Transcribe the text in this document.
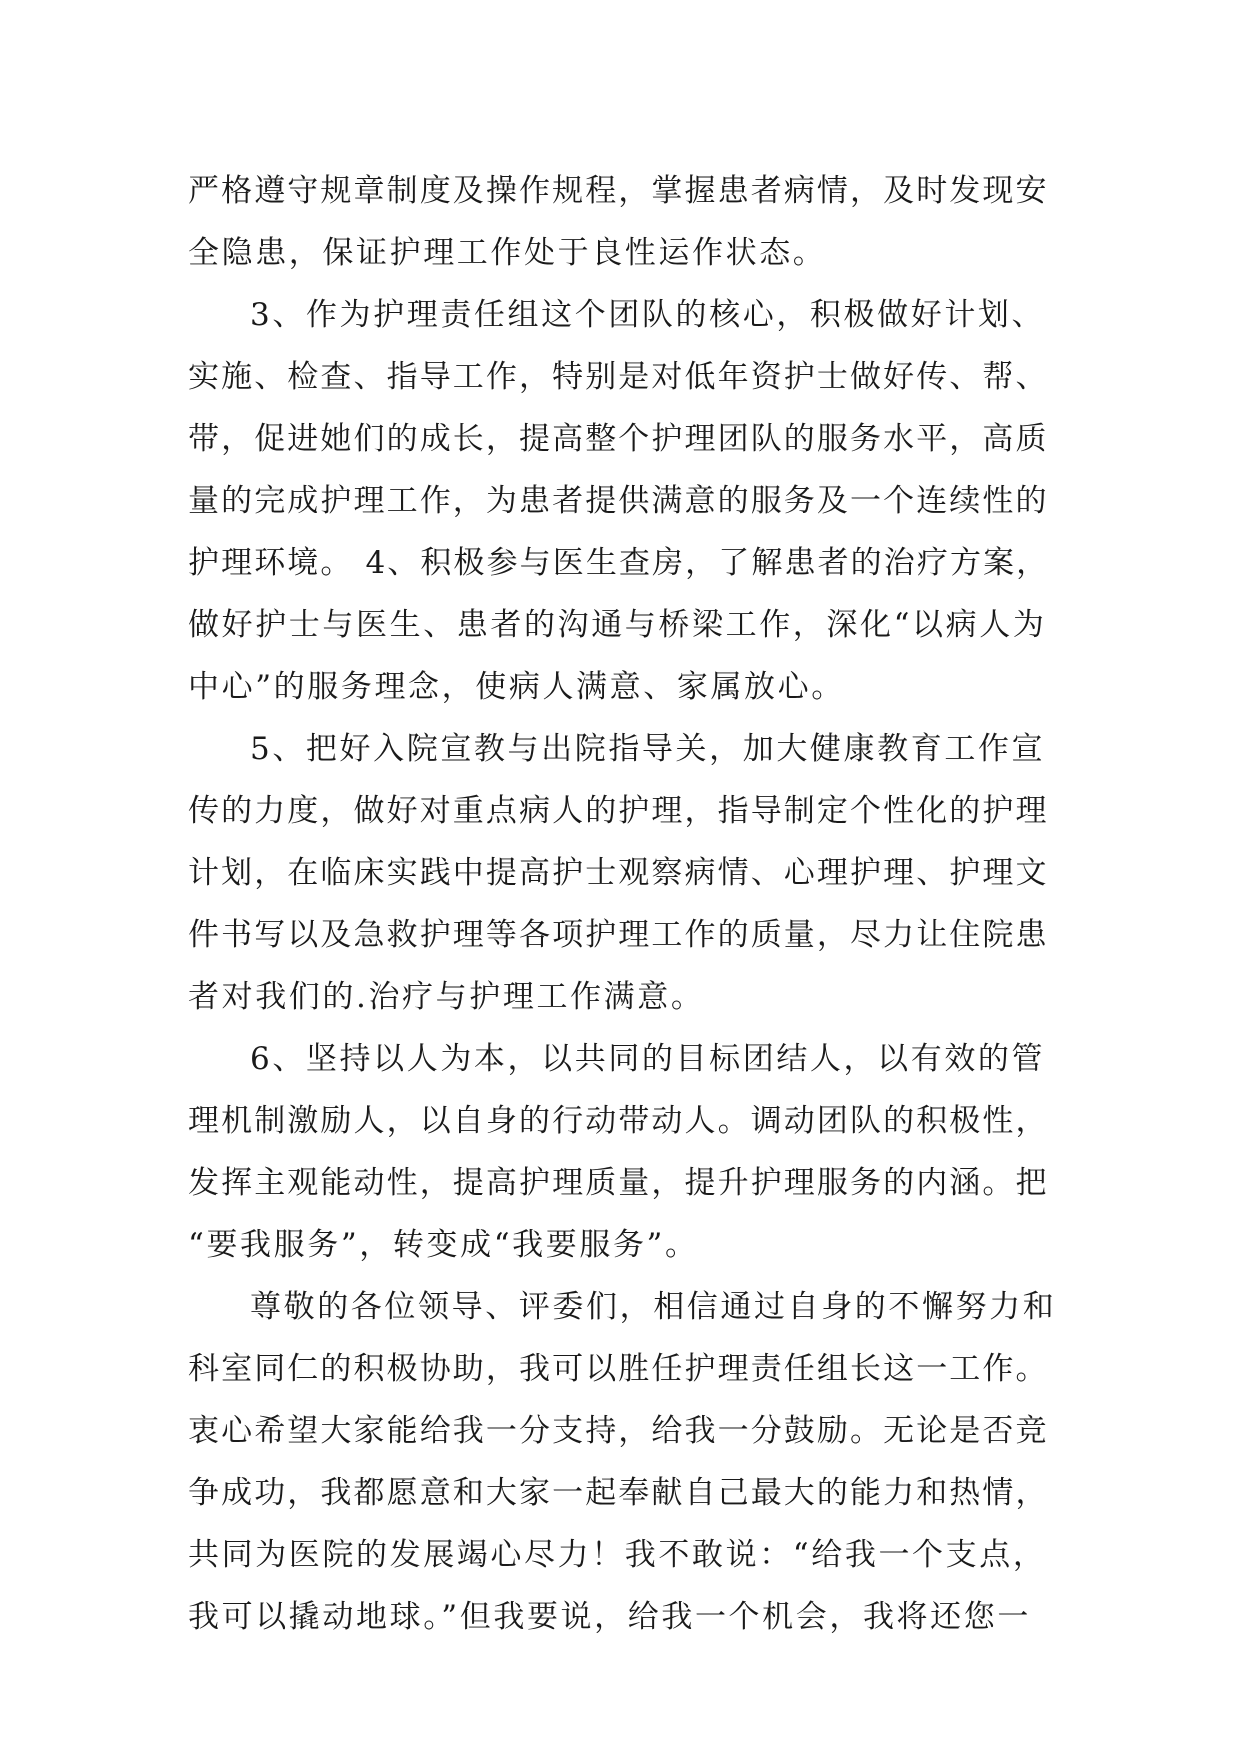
严格遵守规章制度及操作规程，掌握患者病情，及时发现安
全隐患，保证护理工作处于良性运作状态。
3、作为护理责任组这个团队的核心，积极做好计划、
实施、检查、指导工作，特别是对低年资护士做好传、帮、
带，促进她们的成长，提高整个护理团队的服务水平，高质
量的完成护理工作，为患者提供满意的服务及一个连续性的
护理环境。 4、积极参与医生查房，了解患者的治疗方案，
做好护士与医生、患者的沟通与桥梁工作，深化“以病人为
中心”的服务理念，使病人满意、家属放心。
5、把好入院宣教与出院指导关，加大健康教育工作宣
传的力度，做好对重点病人的护理，指导制定个性化的护理
计划，在临床实践中提高护士观察病情、心理护理、护理文
件书写以及急救护理等各项护理工作的质量，尽力让住院患
者对我们的.治疗与护理工作满意。
6、坚持以人为本，以共同的目标团结人，以有效的管
理机制激励人，以自身的行动带动人。调动团队的积极性，
发挥主观能动性，提高护理质量，提升护理服务的内涵。把
“要我服务”，转变成“我要服务”。
尊敬的各位领导、评委们，相信通过自身的不懈努力和
科室同仁的积极协助，我可以胜任护理责任组长这一工作。
衷心希望大家能给我一分支持，给我一分鼓励。无论是否竞
争成功，我都愿意和大家一起奉献自己最大的能力和热情，
共同为医院的发展竭心尽力！我不敢说：“给我一个支点，
我可以撬动地球。”但我要说，给我一个机会，我将还您一
